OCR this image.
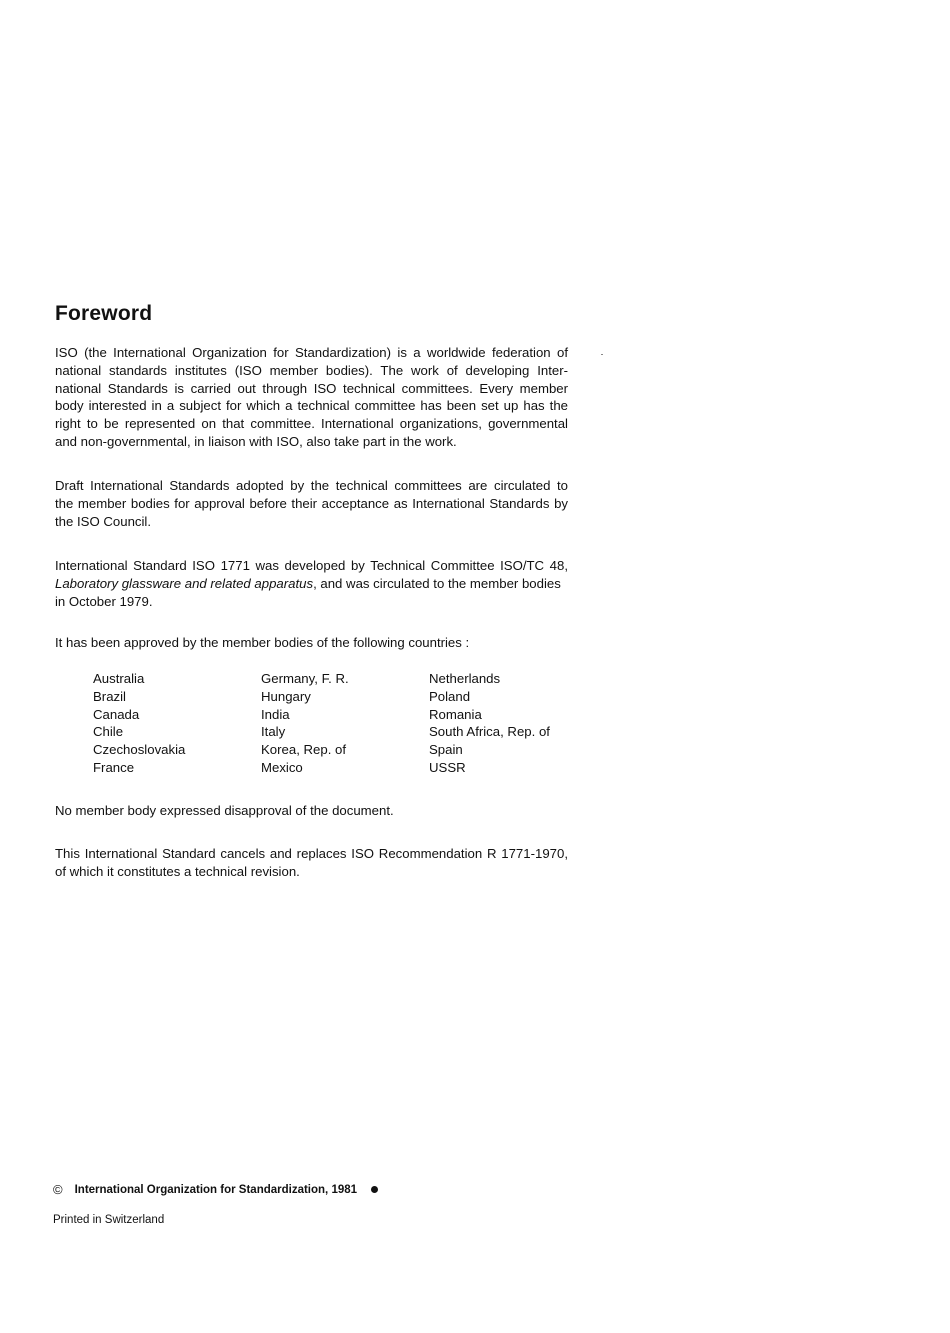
Foreword
ISO (the International Organization for Standardization) is a worldwide federation of
national standards institutes (ISO member bodies). The work of developing Inter-
national Standards is carried out through ISO technical committees. Every member
body interested in a subject for which a technical committee has been set up has the
right to be represented on that committee. International organizations, governmental
and non-governmental, in liaison with ISO, also take part in the work.
Draft International Standards adopted by the technical committees are circulated to
the member bodies for approval before their acceptance as International Standards by
the ISO Council.
International Standard ISO 1771 was developed by Technical Committee ISO/TC 48,
Laboratory glassware and related apparatus, and was circulated to the member bodies
in October 1979.

It has been approved by the member bodies of the following countries :

Australia
Brazil
Canada
Chile
Czechoslovakia
France
Germany, F. R.
Hungary
India
Italy
Korea, Rep. of
Mexico
Netherlands
Poland
Romania
South Africa, Rep. of
Spain
USSR

No member body expressed disapproval of the document.

This International Standard cancels and replaces ISO Recommendation R 1771-1970,
of which it constitutes a technical revision.
© International Organization for Standardization, 1981
Printed in Switzerland
